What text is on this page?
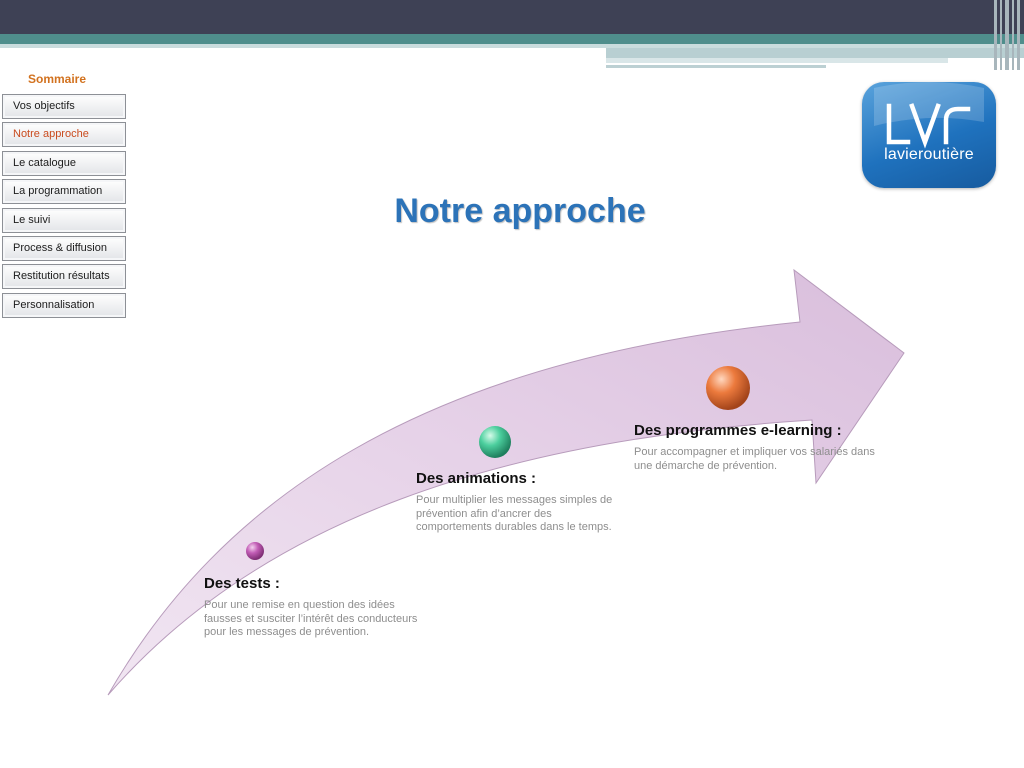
Sommaire
Vos objectifs
Notre approche
Le catalogue
La programmation
Le suivi
Process & diffusion
Restitution résultats
Personnalisation
lavieroutière
Notre approche
Des tests :
Pour une remise en question des idées fausses et susciter l’intérêt des conducteurs pour les messages de prévention.
Des animations :
Pour multiplier les messages simples de prévention afin d’ancrer des comportements durables dans le temps.
Des programmes e-learning :
Pour accompagner et impliquer vos salariés dans une démarche de prévention.
